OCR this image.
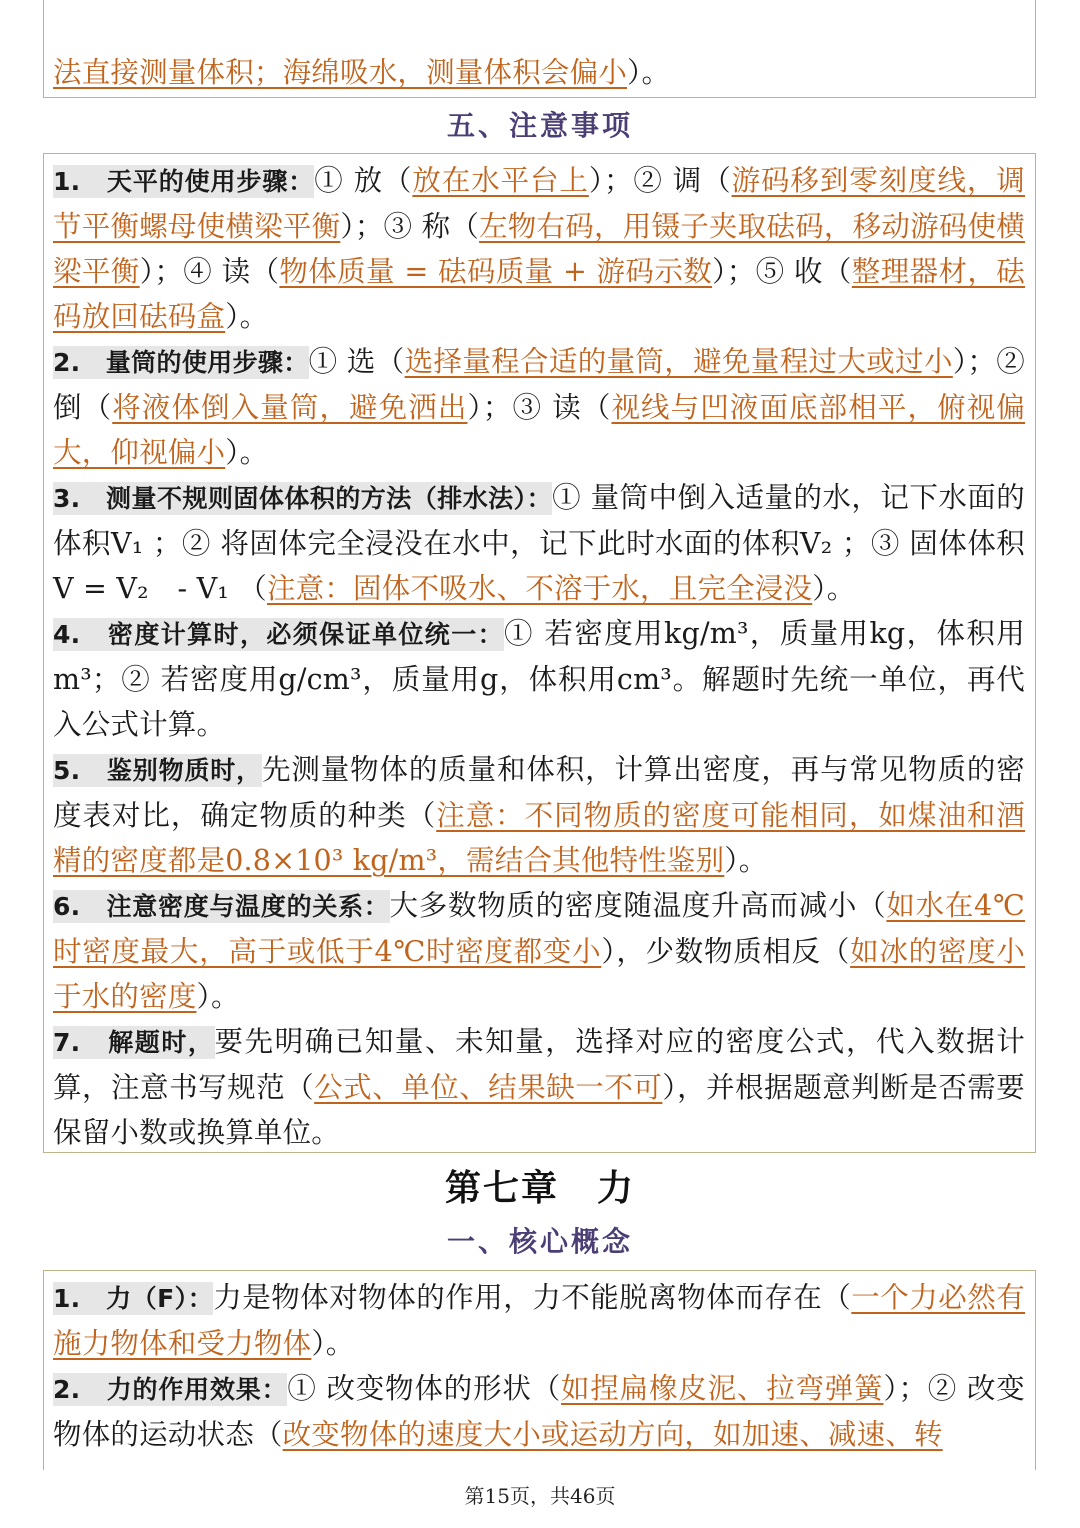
法直接测量体积；海绵吸水，测量体积会偏小）。

五、注意事项

1.　天平的使用步骤：① 放（放在水平台上）；② 调（游码移到零刻度线，调节平衡螺母使横梁平衡）；③ 称（左物右码，用镊子夹取砝码，移动游码使横梁平衡）；④ 读（物体质量 = 砝码质量 + 游码示数）；⑤ 收（整理器材，砝码放回砝码盒）。

2.　量筒的使用步骤：① 选（选择量程合适的量筒，避免量程过大或过小）；② 倒（将液体倒入量筒，避免洒出）；③ 读（视线与凹液面底部相平，俯视偏大，仰视偏小）。

3.　测量不规则固体体积的方法（排水法）：① 量筒中倒入适量的水，记下水面的体积V₁ ；② 将固体完全浸没在水中，记下此时水面的体积V₂ ；③ 固体体积V = V₂　- V₁ （注意：固体不吸水、不溶于水，且完全浸没）。

4.　密度计算时，必须保证单位统一：① 若密度用kg/m³，质量用kg，体积用m³；② 若密度用g/cm³，质量用g，体积用cm³。解题时先统一单位，再代入公式计算。

5.　鉴别物质时，先测量物体的质量和体积，计算出密度，再与常见物质的密度表对比，确定物质的种类（注意：不同物质的密度可能相同，如煤油和酒精的密度都是0.8×10³ kg/m³，需结合其他特性鉴别）。

6.　注意密度与温度的关系：大多数物质的密度随温度升高而减小（如水在4℃时密度最大，高于或低于4℃时密度都变小），少数物质相反（如冰的密度小于水的密度）。

7.　解题时，要先明确已知量、未知量，选择对应的密度公式，代入数据计算，注意书写规范（公式、单位、结果缺一不可），并根据题意判断是否需要保留小数或换算单位。

第七章　力
一、核心概念

1.　力（F）：力是物体对物体的作用，力不能脱离物体而存在（一个力必然有施力物体和受力物体）。

2.　力的作用效果：① 改变物体的形状（如捏扁橡皮泥、拉弯弹簧）；② 改变物体的运动状态（改变物体的速度大小或运动方向，如加速、减速、转

第15页，共46页
